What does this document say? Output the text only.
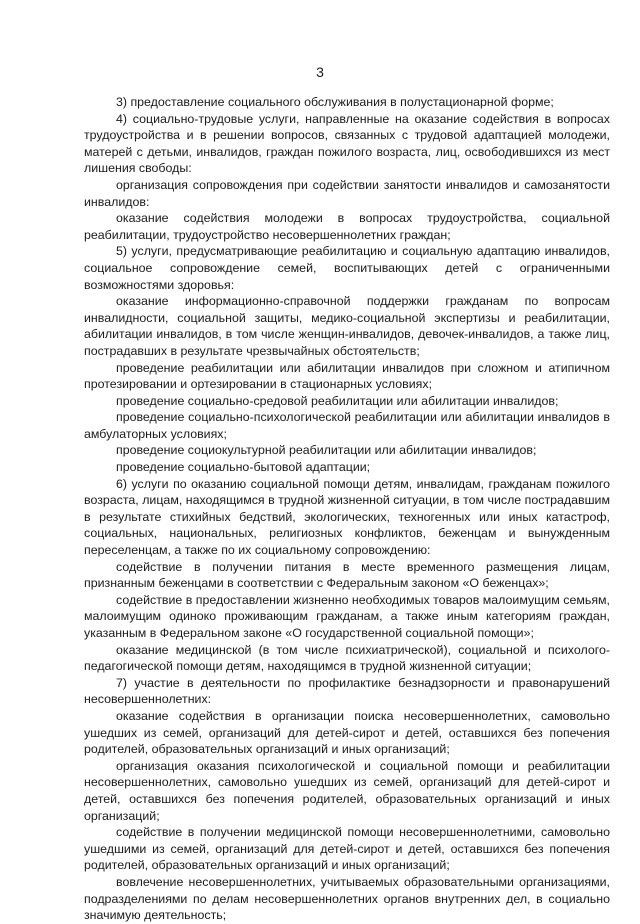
3

3) предоставление социального обслуживания в полустационарной форме;

4) социально-трудовые услуги, направленные на оказание содействия в вопросах трудоустройства и в решении вопросов, связанных с трудовой адаптацией молодежи, матерей с детьми, инвалидов, граждан пожилого возраста, лиц, освободившихся из мест лишения свободы:

организация сопровождения при содействии занятости инвалидов и самозанятости инвалидов:

оказание содействия молодежи в вопросах трудоустройства, социальной реабилитации, трудоустройство несовершеннолетних граждан;

5) услуги, предусматривающие реабилитацию и социальную адаптацию инвалидов, социальное сопровождение семей, воспитывающих детей с ограниченными возможностями здоровья:

оказание информационно-справочной поддержки гражданам по вопросам инвалидности, социальной защиты, медико-социальной экспертизы и реабилитации, абилитации инвалидов, в том числе женщин-инвалидов, девочек-инвалидов, а также лиц, пострадавших в результате чрезвычайных обстоятельств;

проведение реабилитации или абилитации инвалидов при сложном и атипичном протезировании и ортезировании в стационарных условиях;

проведение социально-средовой реабилитации или абилитации инвалидов;

проведение социально-психологической реабилитации или абилитации инвалидов в амбулаторных условиях;

проведение социокультурной реабилитации или абилитации инвалидов;

проведение социально-бытовой адаптации;

6) услуги по оказанию социальной помощи детям, инвалидам, гражданам пожилого возраста, лицам, находящимся в трудной жизненной ситуации, в том числе пострадавшим в результате стихийных бедствий, экологических, техногенных или иных катастроф, социальных, национальных, религиозных конфликтов, беженцам и вынужденным переселенцам, а также по их социальному сопровождению:

содействие в получении питания в месте временного размещения лицам, признанным беженцами в соответствии с Федеральным законом «О беженцах»;

содействие в предоставлении жизненно необходимых товаров малоимущим семьям, малоимущим одиноко проживающим гражданам, а также иным категориям граждан, указанным в Федеральном законе «О государственной социальной помощи»;

оказание медицинской (в том числе психиатрической), социальной и психолого-педагогической помощи детям, находящимся в трудной жизненной ситуации;

7) участие в деятельности по профилактике безнадзорности и правонарушений несовершеннолетних:

оказание содействия в организации поиска несовершеннолетних, самовольно ушедших из семей, организаций для детей-сирот и детей, оставшихся без попечения родителей, образовательных организаций и иных организаций;

организация оказания психологической и социальной помощи и реабилитации несовершеннолетних, самовольно ушедших из семей, организаций для детей-сирот и детей, оставшихся без попечения родителей, образовательных организаций и иных организаций;

содействие в получении медицинской помощи несовершеннолетними, самовольно ушедшими из семей, организаций для детей-сирот и детей, оставшихся без попечения родителей, образовательных организаций и иных организаций;

вовлечение несовершеннолетних, учитываемых образовательными организациями, подразделениями по делам несовершеннолетних органов внутренних дел, в социально значимую деятельность;
